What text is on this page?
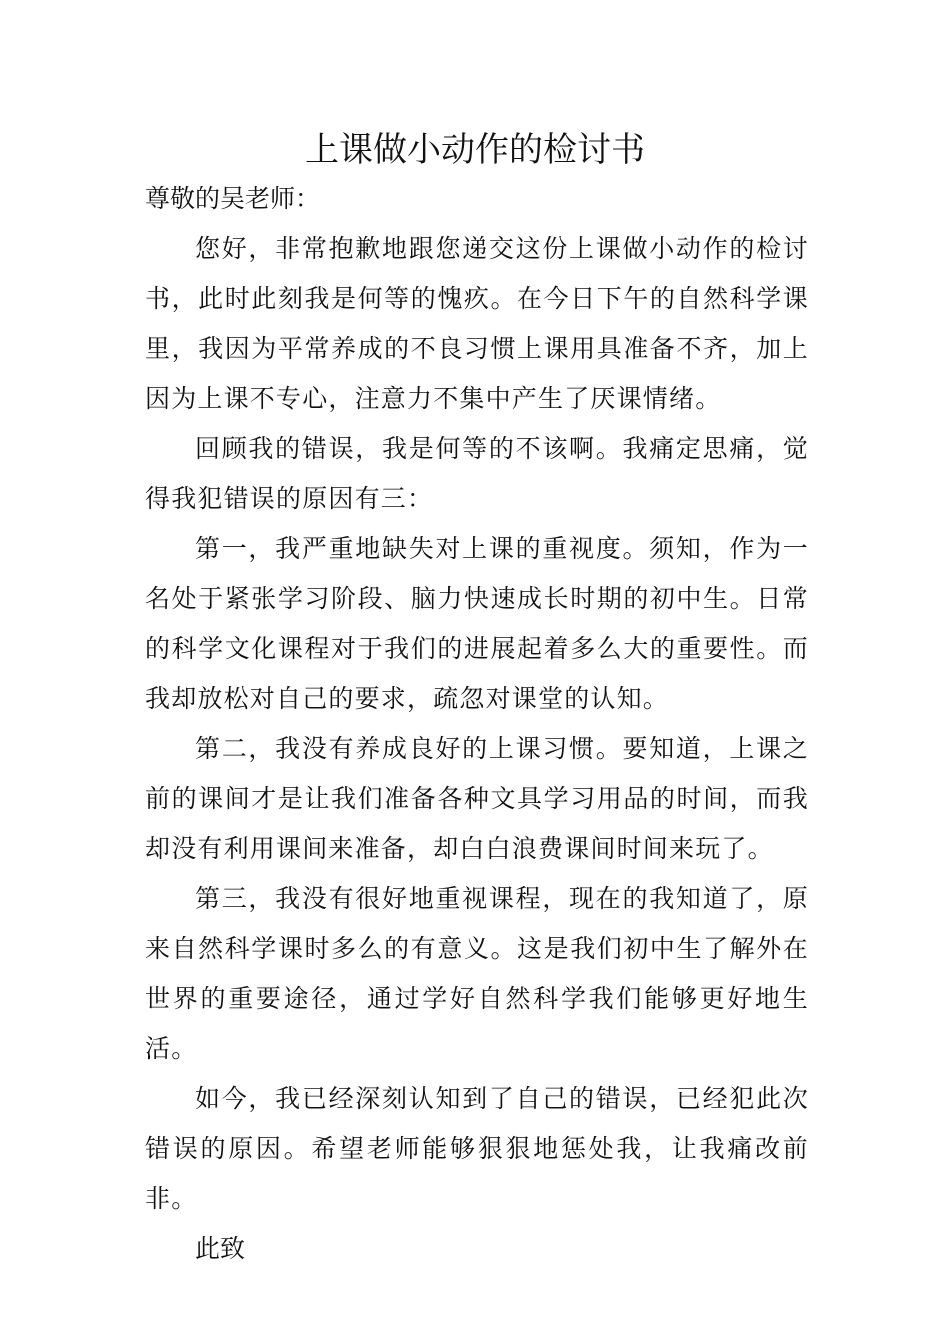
上课做小动作的检讨书

尊敬的吴老师：

您好，非常抱歉地跟您递交这份上课做小动作的检讨书，此时此刻我是何等的愧疚。在今日下午的自然科学课里，我因为平常养成的不良习惯上课用具准备不齐，加上因为上课不专心，注意力不集中产生了厌课情绪。

回顾我的错误，我是何等的不该啊。我痛定思痛，觉得我犯错误的原因有三：

第一，我严重地缺失对上课的重视度。须知，作为一名处于紧张学习阶段、脑力快速成长时期的初中生。日常的科学文化课程对于我们的进展起着多么大的重要性。而我却放松对自己的要求，疏忽对课堂的认知。

第二，我没有养成良好的上课习惯。要知道，上课之前的课间才是让我们准备各种文具学习用品的时间，而我却没有利用课间来准备，却白白浪费课间时间来玩了。

第三，我没有很好地重视课程，现在的我知道了，原来自然科学课时多么的有意义。这是我们初中生了解外在世界的重要途径，通过学好自然科学我们能够更好地生活。

如今，我已经深刻认知到了自己的错误，已经犯此次错误的原因。希望老师能够狠狠地惩处我，让我痛改前非。

此致
